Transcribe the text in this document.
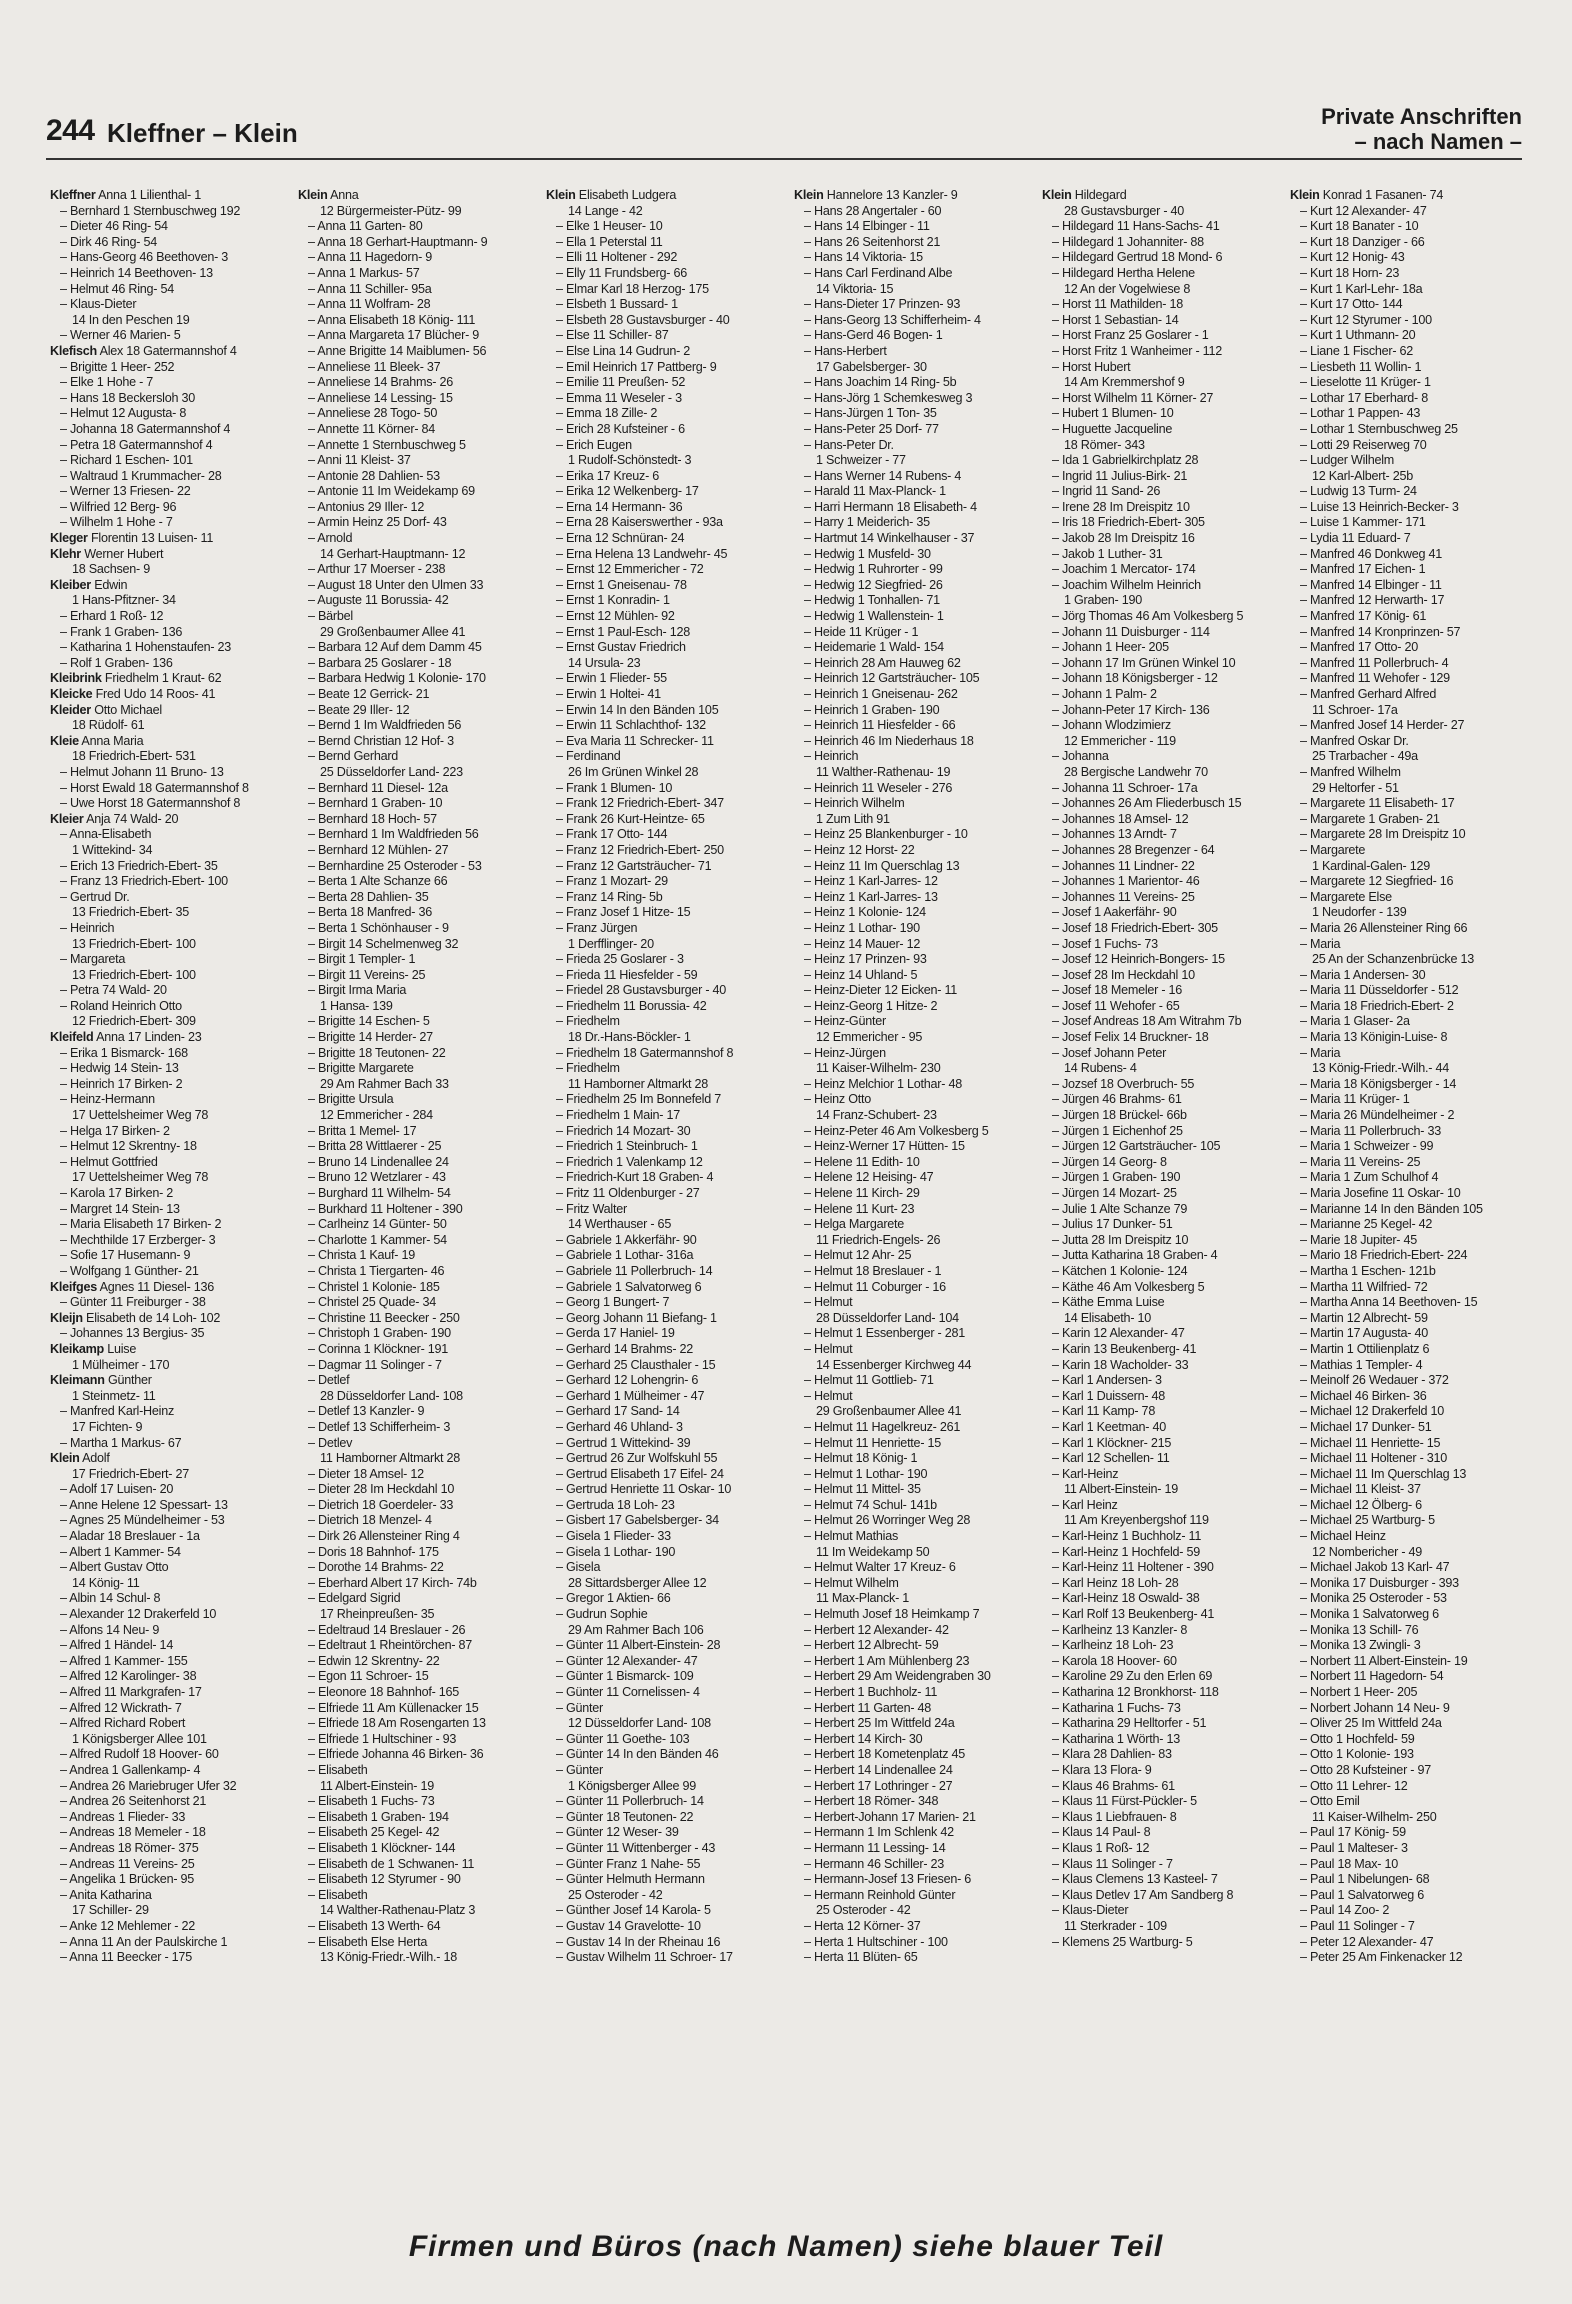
244 Kleffner – Klein
Private Anschriften
– nach Namen –
Kleffner Anna 1 Lilienthal- 1
– Bernhard 1 Sternbuschweg 192
– Dieter 46 Ring- 54
– Dirk 46 Ring- 54
– Hans-Georg 46 Beethoven- 3
– Heinrich 14 Beethoven- 13
– Helmut 46 Ring- 54
– Klaus-Dieter
14 In den Peschen 19
– Werner 46 Marien- 5
Klefisch Alex 18 Gatermannshof 4
– Brigitte 1 Heer- 252
– Elke 1 Hohe - 7
– Hans 18 Beckersloh 30
– Helmut 12 Augusta- 8
– Johanna 18 Gatermannshof 4
– Petra 18 Gatermannshof 4
– Richard 1 Eschen- 101
– Waltraud 1 Krummacher- 28
– Werner 13 Friesen- 22
– Wilfried 12 Berg- 96
– Wilhelm 1 Hohe - 7
Kleger Florentin 13 Luisen- 11
Klehr Werner Hubert
18 Sachsen- 9
Kleiber Edwin
1 Hans-Pfitzner- 34
– Erhard 1 Roß- 12
– Frank 1 Graben- 136
– Katharina 1 Hohenstaufen- 23
– Rolf 1 Graben- 136
Kleibrink Friedhelm 1 Kraut- 62
Kleicke Fred Udo 14 Roos- 41
Kleider Otto Michael
18 Rüdolf- 61
Kleie Anna Maria
18 Friedrich-Ebert- 531
– Helmut Johann 11 Bruno- 13
– Horst Ewald 18 Gatermannshof 8
– Uwe Horst 18 Gatermannshof 8
Kleier Anja 74 Wald- 20
– Anna-Elisabeth
1 Wittekind- 34
– Erich 13 Friedrich-Ebert- 35
– Franz 13 Friedrich-Ebert- 100
– Gertrud Dr.
13 Friedrich-Ebert- 35
– Heinrich
13 Friedrich-Ebert- 100
– Margareta
13 Friedrich-Ebert- 100
– Petra 74 Wald- 20
– Roland Heinrich Otto
12 Friedrich-Ebert- 309
Kleifeld Anna 17 Linden- 23
– Erika 1 Bismarck- 168
– Hedwig 14 Stein- 13
– Heinrich 17 Birken- 2
– Heinz-Hermann
17 Uettelsheimer Weg 78
– Helga 17 Birken- 2
– Helmut 12 Skrentny- 18
– Helmut Gottfried
17 Uettelsheimer Weg 78
– Karola 17 Birken- 2
– Margret 14 Stein- 13
– Maria Elisabeth 17 Birken- 2
– Mechthilde 17 Erzberger- 3
– Sofie 17 Husemann- 9
– Wolfgang 1 Günther- 21
Kleifges Agnes 11 Diesel- 136
– Günter 11 Freiburger - 38
Kleijn Elisabeth de 14 Loh- 102
– Johannes 13 Bergius- 35
Kleikamp Luise
1 Mülheimer - 170
Kleimann Günther
1 Steinmetz- 11
– Manfred Karl-Heinz
17 Fichten- 9
– Martha 1 Markus- 67
Klein Adolf
17 Friedrich-Ebert- 27
– Adolf 17 Luisen- 20
– Anne Helene 12 Spessart- 13
– Agnes 25 Mündelheimer - 53
– Aladar 18 Breslauer - 1a
– Albert 1 Kammer- 54
– Albert Gustav Otto
14 König- 11
– Albin 14 Schul- 8
– Alexander 12 Drakerfeld 10
– Alfons 14 Neu- 9
– Alfred 1 Händel- 14
– Alfred 1 Kammer- 155
– Alfred 12 Karolinger- 38
– Alfred 11 Markgrafen- 17
– Alfred 12 Wickrath- 7
– Alfred Richard Robert
1 Königsberger Allee 101
– Alfred Rudolf 18 Hoover- 60
– Andrea 1 Gallenkamp- 4
– Andrea 26 Mariebruger Ufer 32
– Andrea 26 Seitenhorst 21
– Andreas 1 Flieder- 33
– Andreas 18 Memeler - 18
– Andreas 18 Römer- 375
– Andreas 11 Vereins- 25
– Angelika 1 Brücken- 95
– Anita Katharina
17 Schiller- 29
– Anke 12 Mehlemer - 22
– Anna 11 An der Paulskirche 1
– Anna 11 Beecker - 175
Klein Anna
12 Bürgermeister-Pütz- 99
– Anna 11 Garten- 80
– Anna 18 Gerhart-Hauptmann- 9
– Anna 11 Hagedorn- 9
– Anna 1 Markus- 57
– Anna 11 Schiller- 95a
– Anna 11 Wolfram- 28
– Anna Elisabeth 18 König- 111
– Anna Margareta 17 Blücher- 9
– Anne Brigitte 14 Maiblumen- 56
– Anneliese 11 Bleek- 37
– Anneliese 14 Brahms- 26
– Anneliese 14 Lessing- 15
– Anneliese 28 Togo- 50
– Annette 11 Körner- 84
– Annette 1 Sternbuschweg 5
– Anni 11 Kleist- 37
– Antonie 28 Dahlien- 53
– Antonie 11 Im Weidekamp 69
– Antonius 29 Iller- 12
– Armin Heinz 25 Dorf- 43
– Arnold
14 Gerhart-Hauptmann- 12
– Arthur 17 Moerser - 238
– August 18 Unter den Ulmen 33
– Auguste 11 Borussia- 42
– Bärbel
29 Großenbaumer Allee 41
– Barbara 12 Auf dem Damm 45
– Barbara 25 Goslarer - 18
– Barbara Hedwig 1 Kolonie- 170
– Beate 12 Gerrick- 21
– Beate 29 Iller- 12
– Bernd 1 Im Waldfrieden 56
– Bernd Christian 12 Hof- 3
– Bernd Gerhard
25 Düsseldorfer Land- 223
– Bernhard 11 Diesel- 12a
– Bernhard 1 Graben- 10
– Bernhard 18 Hoch- 57
– Bernhard 1 Im Waldfrieden 56
– Bernhard 12 Mühlen- 27
– Bernhardine 25 Osteroder - 53
– Berta 1 Alte Schanze 66
– Berta 28 Dahlien- 35
– Berta 18 Manfred- 36
– Berta 1 Schönhauser - 9
– Birgit 14 Schelmenweg 32
– Birgit 1 Templer- 1
– Birgit 11 Vereins- 25
– Birgit Irma Maria
1 Hansa- 139
– Brigitte 14 Eschen- 5
– Brigitte 14 Herder- 27
– Brigitte 18 Teutonen- 22
– Brigitte Margarete
29 Am Rahmer Bach 33
– Brigitte Ursula
12 Emmericher - 284
– Britta 1 Memel- 17
– Britta 28 Wittlaerer - 25
– Bruno 14 Lindenallee 24
– Bruno 12 Wetzlarer - 43
– Burghard 11 Wilhelm- 54
– Burkhard 11 Holtener - 390
– Carlheinz 14 Günter- 50
– Charlotte 1 Kammer- 54
– Christa 1 Kauf- 19
– Christa 1 Tiergarten- 46
– Christel 1 Kolonie- 185
– Christel 25 Quade- 34
– Christine 11 Beecker - 250
– Christoph 1 Graben- 190
– Corinna 1 Klöckner- 191
– Dagmar 11 Solinger - 7
– Detlef
28 Düsseldorfer Land- 108
– Detlef 13 Kanzler- 9
– Detlef 13 Schifferheim- 3
– Detlev
11 Hamborner Altmarkt 28
– Dieter 18 Amsel- 12
– Dieter 28 Im Heckdahl 10
– Dietrich 18 Goerdeler- 33
– Dietrich 18 Menzel- 4
– Dirk 26 Allensteiner Ring 4
– Doris 18 Bahnhof- 175
– Dorothe 14 Brahms- 22
– Eberhard Albert 17 Kirch- 74b
– Edelgard Sigrid
17 Rheinpreußen- 35
– Edeltraud 14 Breslauer - 26
– Edeltraut 1 Rheintörchen- 87
– Edwin 12 Skrentny- 22
– Egon 11 Schroer- 15
– Eleonore 18 Bahnhof- 165
– Elfriede 11 Am Küllenacker 15
– Elfriede 18 Am Rosengarten 13
– Elfriede 1 Hultschiner - 93
– Elfriede Johanna 46 Birken- 36
– Elisabeth
11 Albert-Einstein- 19
– Elisabeth 1 Fuchs- 73
– Elisabeth 1 Graben- 194
– Elisabeth 25 Kegel- 42
– Elisabeth 1 Klöckner- 144
– Elisabeth de 1 Schwanen- 11
– Elisabeth 12 Styrumer - 90
– Elisabeth
14 Walther-Rathenau-Platz 3
– Elisabeth 13 Werth- 64
– Elisabeth Else Herta
13 König-Friedr.-Wilh.- 18
Klein Elisabeth Ludgera
14 Lange - 42
– Elke 1 Heuser- 10
– Ella 1 Peterstal 11
– Elli 11 Holtener - 292
– Elly 11 Frundsberg- 66
– Elmar Karl 18 Herzog- 175
– Elsbeth 1 Bussard- 1
– Elsbeth 28 Gustavsburger - 40
– Else 11 Schiller- 87
– Else Lina 14 Gudrun- 2
– Emil Heinrich 17 Pattberg- 9
– Emilie 11 Preußen- 52
– Emma 11 Weseler - 3
– Emma 18 Zille- 2
– Erich 28 Kufsteiner - 6
– Erich Eugen
1 Rudolf-Schönstedt- 3
– Erika 17 Kreuz- 6
– Erika 12 Welkenberg- 17
– Erna 14 Hermann- 36
– Erna 28 Kaiserswerther - 93a
– Erna 12 Schnüran- 24
– Erna Helena 13 Landwehr- 45
– Ernst 12 Emmericher - 72
– Ernst 1 Gneisenau- 78
– Ernst 1 Konradin- 1
– Ernst 12 Mühlen- 92
– Ernst 1 Paul-Esch- 128
– Ernst Gustav Friedrich
14 Ursula- 23
– Erwin 1 Flieder- 55
– Erwin 1 Holtei- 41
– Erwin 14 In den Bänden 105
– Erwin 11 Schlachthof- 132
– Eva Maria 11 Schrecker- 11
– Ferdinand
26 Im Grünen Winkel 28
– Frank 1 Blumen- 10
– Frank 12 Friedrich-Ebert- 347
– Frank 26 Kurt-Heintze- 65
– Frank 17 Otto- 144
– Franz 12 Friedrich-Ebert- 250
– Franz 12 Gartsträucher- 71
– Franz 1 Mozart- 29
– Franz 14 Ring- 5b
– Franz Josef 1 Hitze- 15
– Franz Jürgen
1 Derfflinger- 20
– Frieda 25 Goslarer - 3
– Frieda 11 Hiesfelder - 59
– Friedel 28 Gustavsburger - 40
– Friedhelm 11 Borussia- 42
– Friedhelm
18 Dr.-Hans-Böckler- 1
– Friedhelm 18 Gatermannshof 8
– Friedhelm
11 Hamborner Altmarkt 28
– Friedhelm 25 Im Bonnefeld 7
– Friedhelm 1 Main- 17
– Friedrich 14 Mozart- 30
– Friedrich 1 Steinbruch- 1
– Friedrich 1 Valenkamp 12
– Friedrich-Kurt 18 Graben- 4
– Fritz 11 Oldenburger - 27
– Fritz Walter
14 Werthauser - 65
– Gabriele 1 Akkerfähr- 90
– Gabriele 1 Lothar- 316a
– Gabriele 11 Pollerbruch- 14
– Gabriele 1 Salvatorweg 6
– Georg 1 Bungert- 7
– Georg Johann 11 Biefang- 1
– Gerda 17 Haniel- 19
– Gerhard 14 Brahms- 22
– Gerhard 25 Clausthaler - 15
– Gerhard 12 Lohengrin- 6
– Gerhard 1 Mülheimer - 47
– Gerhard 17 Sand- 14
– Gerhard 46 Uhland- 3
– Gertrud 1 Wittekind- 39
– Gertrud 26 Zur Wolfskuhl 55
– Gertrud Elisabeth 17 Eifel- 24
– Gertrud Henriette 11 Oskar- 10
– Gertruda 18 Loh- 23
– Gisbert 17 Gabelsberger- 34
– Gisela 1 Flieder- 33
– Gisela 1 Lothar- 190
– Gisela
28 Sittardsberger Allee 12
– Gregor 1 Aktien- 66
– Gudrun Sophie
29 Am Rahmer Bach 106
– Günter 11 Albert-Einstein- 28
– Günter 12 Alexander- 47
– Günter 1 Bismarck- 109
– Günter 11 Cornelissen- 4
– Günter
12 Düsseldorfer Land- 108
– Günter 11 Goethe- 103
– Günter 14 In den Bänden 46
– Günter
1 Königsberger Allee 99
– Günter 11 Pollerbruch- 14
– Günter 18 Teutonen- 22
– Günter 12 Weser- 39
– Günter 11 Wittenberger - 43
– Günter Franz 1 Nahe- 55
– Günter Helmuth Hermann
25 Osteroder - 42
– Günther Josef 14 Karola- 5
– Gustav 14 Gravelotte- 10
– Gustav 14 In der Rheinau 16
– Gustav Wilhelm 11 Schroer- 17
Klein Hannelore 13 Kanzler- 9
– Hans 28 Angertaler - 60
– Hans 14 Elbinger - 11
– Hans 26 Seitenhorst 21
– Hans 14 Viktoria- 15
– Hans Carl Ferdinand Albe
14 Viktoria- 15
– Hans-Dieter 17 Prinzen- 93
– Hans-Georg 13 Schifferheim- 4
– Hans-Gerd 46 Bogen- 1
– Hans-Herbert
17 Gabelsberger- 30
– Hans Joachim 14 Ring- 5b
– Hans-Jörg 1 Schemkesweg 3
– Hans-Jürgen 1 Ton- 35
– Hans-Peter 25 Dorf- 77
– Hans-Peter Dr.
1 Schweizer - 77
– Hans Werner 14 Rubens- 4
– Harald 11 Max-Planck- 1
– Harri Hermann 18 Elisabeth- 4
– Harry 1 Meiderich- 35
– Hartmut 14 Winkelhauser - 37
– Hedwig 1 Musfeld- 30
– Hedwig 1 Ruhrorter - 99
– Hedwig 12 Siegfried- 26
– Hedwig 1 Tonhallen- 71
– Hedwig 1 Wallenstein- 1
– Heide 11 Krüger - 1
– Heidemarie 1 Wald- 154
– Heinrich 28 Am Hauweg 62
– Heinrich 12 Gartsträucher- 105
– Heinrich 1 Gneisenau- 262
– Heinrich 1 Graben- 190
– Heinrich 11 Hiesfelder - 66
– Heinrich 46 Im Niederhaus 18
– Heinrich
11 Walther-Rathenau- 19
– Heinrich 11 Weseler - 276
– Heinrich Wilhelm
1 Zum Lith 91
– Heinz 25 Blankenburger - 10
– Heinz 12 Horst- 22
– Heinz 11 Im Querschlag 13
– Heinz 1 Karl-Jarres- 12
– Heinz 1 Karl-Jarres- 13
– Heinz 1 Kolonie- 124
– Heinz 1 Lothar- 190
– Heinz 14 Mauer- 12
– Heinz 17 Prinzen- 93
– Heinz 14 Uhland- 5
– Heinz-Dieter 12 Eicken- 11
– Heinz-Georg 1 Hitze- 2
– Heinz-Günter
12 Emmericher - 95
– Heinz-Jürgen
11 Kaiser-Wilhelm- 230
– Heinz Melchior 1 Lothar- 48
– Heinz Otto
14 Franz-Schubert- 23
– Heinz-Peter 46 Am Volkesberg 5
– Heinz-Werner 17 Hütten- 15
– Helene 11 Edith- 10
– Helene 12 Heising- 47
– Helene 11 Kirch- 29
– Helene 11 Kurt- 23
– Helga Margarete
11 Friedrich-Engels- 26
– Helmut 12 Ahr- 25
– Helmut 18 Breslauer - 1
– Helmut 11 Coburger - 16
– Helmut
28 Düsseldorfer Land- 104
– Helmut 1 Essenberger - 281
– Helmut
14 Essenberger Kirchweg 44
– Helmut 11 Gottlieb- 71
– Helmut
29 Großenbaumer Allee 41
– Helmut 11 Hagelkreuz- 261
– Helmut 11 Henriette- 15
– Helmut 18 König- 1
– Helmut 1 Lothar- 190
– Helmut 11 Mittel- 35
– Helmut 74 Schul- 141b
– Helmut 26 Worringer Weg 28
– Helmut Mathias
11 Im Weidekamp 50
– Helmut Walter 17 Kreuz- 6
– Helmut Wilhelm
11 Max-Planck- 1
– Helmuth Josef 18 Heimkamp 7
– Herbert 12 Alexander- 42
– Herbert 12 Albrecht- 59
– Herbert 1 Am Mühlenberg 23
– Herbert 29 Am Weidengraben 30
– Herbert 1 Buchholz- 11
– Herbert 11 Garten- 48
– Herbert 25 Im Wittfeld 24a
– Herbert 14 Kirch- 30
– Herbert 18 Kometenplatz 45
– Herbert 14 Lindenallee 24
– Herbert 17 Lothringer - 27
– Herbert 18 Römer- 348
– Herbert-Johann 17 Marien- 21
– Hermann 1 Im Schlenk 42
– Hermann 11 Lessing- 14
– Hermann 46 Schiller- 23
– Hermann-Josef 13 Friesen- 6
– Hermann Reinhold Günter
25 Osteroder - 42
– Herta 12 Körner- 37
– Herta 1 Hultschiner - 100
– Herta 11 Blüten- 65
Klein Hildegard
28 Gustavsburger - 40
– Hildegard 11 Hans-Sachs- 41
– Hildegard 1 Johanniter- 88
– Hildegard Gertrud 18 Mond- 6
– Hildegard Hertha Helene
12 An der Vogelwiese 8
– Horst 11 Mathilden- 18
– Horst 1 Sebastian- 14
– Horst Franz 25 Goslarer - 1
– Horst Fritz 1 Wanheimer - 112
– Horst Hubert
14 Am Kremmershof 9
– Horst Wilhelm 11 Körner- 27
– Hubert 1 Blumen- 10
– Huguette Jacqueline
18 Römer- 343
– Ida 1 Gabrielkirchplatz 28
– Ingrid 11 Julius-Birk- 21
– Ingrid 11 Sand- 26
– Irene 28 Im Dreispitz 10
– Iris 18 Friedrich-Ebert- 305
– Jakob 28 Im Dreispitz 16
– Jakob 1 Luther- 31
– Joachim 1 Mercator- 174
– Joachim Wilhelm Heinrich
1 Graben- 190
– Jörg Thomas 46 Am Volkesberg 5
– Johann 11 Duisburger - 114
– Johann 1 Heer- 205
– Johann 17 Im Grünen Winkel 10
– Johann 18 Königsberger - 12
– Johann 1 Palm- 2
– Johann-Peter 17 Kirch- 136
– Johann Wlodzimierz
12 Emmericher - 119
– Johanna
28 Bergische Landwehr 70
– Johanna 11 Schroer- 17a
– Johannes 26 Am Fliederbusch 15
– Johannes 18 Amsel- 12
– Johannes 13 Arndt- 7
– Johannes 28 Bregenzer - 64
– Johannes 11 Lindner- 22
– Johannes 1 Marientor- 46
– Johannes 11 Vereins- 25
– Josef 1 Aakerfähr- 90
– Josef 18 Friedrich-Ebert- 305
– Josef 1 Fuchs- 73
– Josef 12 Heinrich-Bongers- 15
– Josef 28 Im Heckdahl 10
– Josef 18 Memeler - 16
– Josef 11 Wehofer - 65
– Josef Andreas 18 Am Witrahm 7b
– Josef Felix 14 Bruckner- 18
– Josef Johann Peter
14 Rubens- 4
– Jozsef 18 Overbruch- 55
– Jürgen 46 Brahms- 61
– Jürgen 18 Brückel- 66b
– Jürgen 1 Eichenhof 25
– Jürgen 12 Gartsträucher- 105
– Jürgen 14 Georg- 8
– Jürgen 1 Graben- 190
– Jürgen 14 Mozart- 25
– Julie 1 Alte Schanze 79
– Julius 17 Dunker- 51
– Jutta 28 Im Dreispitz 10
– Jutta Katharina 18 Graben- 4
– Kätchen 1 Kolonie- 124
– Käthe 46 Am Volkesberg 5
– Käthe Emma Luise
14 Elisabeth- 10
– Karin 12 Alexander- 47
– Karin 13 Beukenberg- 41
– Karin 18 Wacholder- 33
– Karl 1 Andersen- 3
– Karl 1 Duissern- 48
– Karl 11 Kamp- 78
– Karl 1 Keetman- 40
– Karl 1 Klöckner- 215
– Karl 12 Schellen- 11
– Karl-Heinz
11 Albert-Einstein- 19
– Karl Heinz
11 Am Kreyenbergshof 119
– Karl-Heinz 1 Buchholz- 11
– Karl-Heinz 1 Hochfeld- 59
– Karl-Heinz 11 Holtener - 390
– Karl Heinz 18 Loh- 28
– Karl-Heinz 18 Oswald- 38
– Karl Rolf 13 Beukenberg- 41
– Karlheinz 13 Kanzler- 8
– Karlheinz 18 Loh- 23
– Karola 18 Hoover- 60
– Karoline 29 Zu den Erlen 69
– Katharina 12 Bronkhorst- 118
– Katharina 1 Fuchs- 73
– Katharina 29 Helltorfer - 51
– Katharina 1 Wörth- 13
– Klara 28 Dahlien- 83
– Klara 13 Flora- 9
– Klaus 46 Brahms- 61
– Klaus 11 Fürst-Pückler- 5
– Klaus 1 Liebfrauen- 8
– Klaus 14 Paul- 8
– Klaus 1 Roß- 12
– Klaus 11 Solinger - 7
– Klaus Clemens 13 Kasteel- 7
– Klaus Detlev 17 Am Sandberg 8
– Klaus-Dieter
11 Sterkrader - 109
– Klemens 25 Wartburg- 5
Klein Konrad 1 Fasanen- 74
– Kurt 12 Alexander- 47
– Kurt 18 Banater - 10
– Kurt 18 Danziger - 66
– Kurt 12 Honig- 43
– Kurt 18 Horn- 23
– Kurt 1 Karl-Lehr- 18a
– Kurt 17 Otto- 144
– Kurt 12 Styrumer - 100
– Kurt 1 Uthmann- 20
– Liane 1 Fischer- 62
– Liesbeth 11 Wollin- 1
– Lieselotte 11 Krüger- 1
– Lothar 17 Eberhard- 8
– Lothar 1 Pappen- 43
– Lothar 1 Sternbuschweg 25
– Lotti 29 Reiserweg 70
– Ludger Wilhelm
12 Karl-Albert- 25b
– Ludwig 13 Turm- 24
– Luise 13 Heinrich-Becker- 3
– Luise 1 Kammer- 171
– Lydia 11 Eduard- 7
– Manfred 46 Donkweg 41
– Manfred 17 Eichen- 1
– Manfred 14 Elbinger - 11
– Manfred 12 Herwarth- 17
– Manfred 17 König- 61
– Manfred 14 Kronprinzen- 57
– Manfred 17 Otto- 20
– Manfred 11 Pollerbruch- 4
– Manfred 11 Wehofer - 129
– Manfred Gerhard Alfred
11 Schroer- 17a
– Manfred Josef 14 Herder- 27
– Manfred Oskar Dr.
25 Trarbacher - 49a
– Manfred Wilhelm
29 Heltorfer - 51
– Margarete 11 Elisabeth- 17
– Margarete 1 Graben- 21
– Margarete 28 Im Dreispitz 10
– Margarete
1 Kardinal-Galen- 129
– Margarete 12 Siegfried- 16
– Margarete Else
1 Neudorfer - 139
– Maria 26 Allensteiner Ring 66
– Maria
25 An der Schanzenbrücke 13
– Maria 1 Andersen- 30
– Maria 11 Düsseldorfer - 512
– Maria 18 Friedrich-Ebert- 2
– Maria 1 Glaser- 2a
– Maria 13 Königin-Luise- 8
– Maria
13 König-Friedr.-Wilh.- 44
– Maria 18 Königsberger - 14
– Maria 11 Krüger- 1
– Maria 26 Mündelheimer - 2
– Maria 11 Pollerbruch- 33
– Maria 1 Schweizer - 99
– Maria 11 Vereins- 25
– Maria 1 Zum Schulhof 4
– Maria Josefine 11 Oskar- 10
– Marianne 14 In den Bänden 105
– Marianne 25 Kegel- 42
– Marie 18 Jupiter- 45
– Mario 18 Friedrich-Ebert- 224
– Martha 1 Eschen- 121b
– Martha 11 Wilfried- 72
– Martha Anna 14 Beethoven- 15
– Martin 12 Albrecht- 59
– Martin 17 Augusta- 40
– Martin 1 Ottilienplatz 6
– Mathias 1 Templer- 4
– Meinolf 26 Wedauer - 372
– Michael 46 Birken- 36
– Michael 12 Drakerfeld 10
– Michael 17 Dunker- 51
– Michael 11 Henriette- 15
– Michael 11 Holtener - 310
– Michael 11 Im Querschlag 13
– Michael 11 Kleist- 37
– Michael 12 Ölberg- 6
– Michael 25 Wartburg- 5
– Michael Heinz
12 Nombericher - 49
– Michael Jakob 13 Karl- 47
– Monika 17 Duisburger - 393
– Monika 25 Osteroder - 53
– Monika 1 Salvatorweg 6
– Monika 13 Schill- 76
– Monika 13 Zwingli- 3
– Norbert 11 Albert-Einstein- 19
– Norbert 11 Hagedorn- 54
– Norbert 1 Heer- 205
– Norbert Johann 14 Neu- 9
– Oliver 25 Im Wittfeld 24a
– Otto 1 Hochfeld- 59
– Otto 1 Kolonie- 193
– Otto 28 Kufsteiner - 97
– Otto 11 Lehrer- 12
– Otto Emil
11 Kaiser-Wilhelm- 250
– Paul 17 König- 59
– Paul 1 Malteser- 3
– Paul 18 Max- 10
– Paul 1 Nibelungen- 68
– Paul 1 Salvatorweg 6
– Paul 14 Zoo- 2
– Paul 11 Solinger - 7
– Peter 12 Alexander- 47
– Peter 25 Am Finkenacker 12
Firmen und Büros (nach Namen) siehe blauer Teil
